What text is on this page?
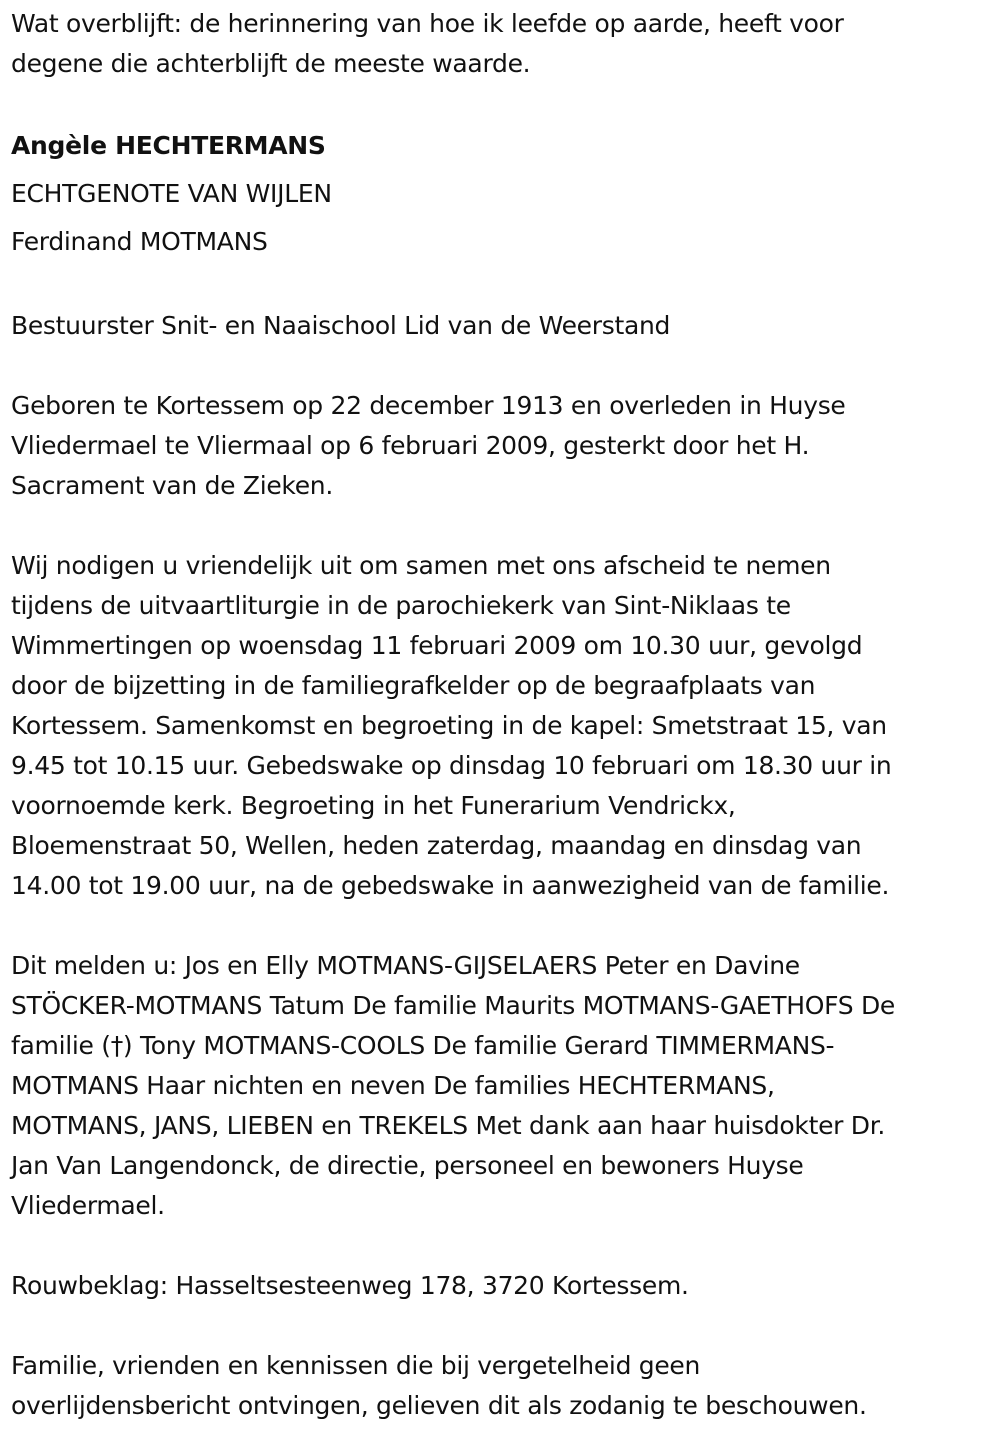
Wat overblijft: de herinnering van hoe ik leefde op aarde, heeft voor
degene die achterblijft de meeste waarde.
Angèle HECHTERMANS
ECHTGENOTE VAN WIJLEN
Ferdinand MOTMANS
Bestuurster Snit- en Naaischool Lid van de Weerstand
Geboren te Kortessem op 22 december 1913 en overleden in Huyse
Vliedermael te Vliermaal op 6 februari 2009, gesterkt door het H.
Sacrament van de Zieken.
Wij nodigen u vriendelijk uit om samen met ons afscheid te nemen
tijdens de uitvaartliturgie in de parochiekerk van Sint-Niklaas te
Wimmertingen op woensdag 11 februari 2009 om 10.30 uur, gevolgd
door de bijzetting in de familiegrafkelder op de begraafplaats van
Kortessem. Samenkomst en begroeting in de kapel: Smetstraat 15, van
9.45 tot 10.15 uur. Gebedswake op dinsdag 10 februari om 18.30 uur in
voornoemde kerk. Begroeting in het Funerarium Vendrickx,
Bloemenstraat 50, Wellen, heden zaterdag, maandag en dinsdag van
14.00 tot 19.00 uur, na de gebedswake in aanwezigheid van de familie.
Dit melden u: Jos en Elly MOTMANS-GIJSELAERS Peter en Davine
STÖCKER-MOTMANS Tatum De familie Maurits MOTMANS-GAETHOFS De
familie (†) Tony MOTMANS-COOLS De familie Gerard TIMMERMANS-
MOTMANS Haar nichten en neven De families HECHTERMANS,
MOTMANS, JANS, LIEBEN en TREKELS Met dank aan haar huisdokter Dr.
Jan Van Langendonck, de directie, personeel en bewoners Huyse
Vliedermael.
Rouwbeklag: Hasseltsesteenweg 178, 3720 Kortessem.
Familie, vrienden en kennissen die bij vergetelheid geen
overlijdensbericht ontvingen, gelieven dit als zodanig te beschouwen.
